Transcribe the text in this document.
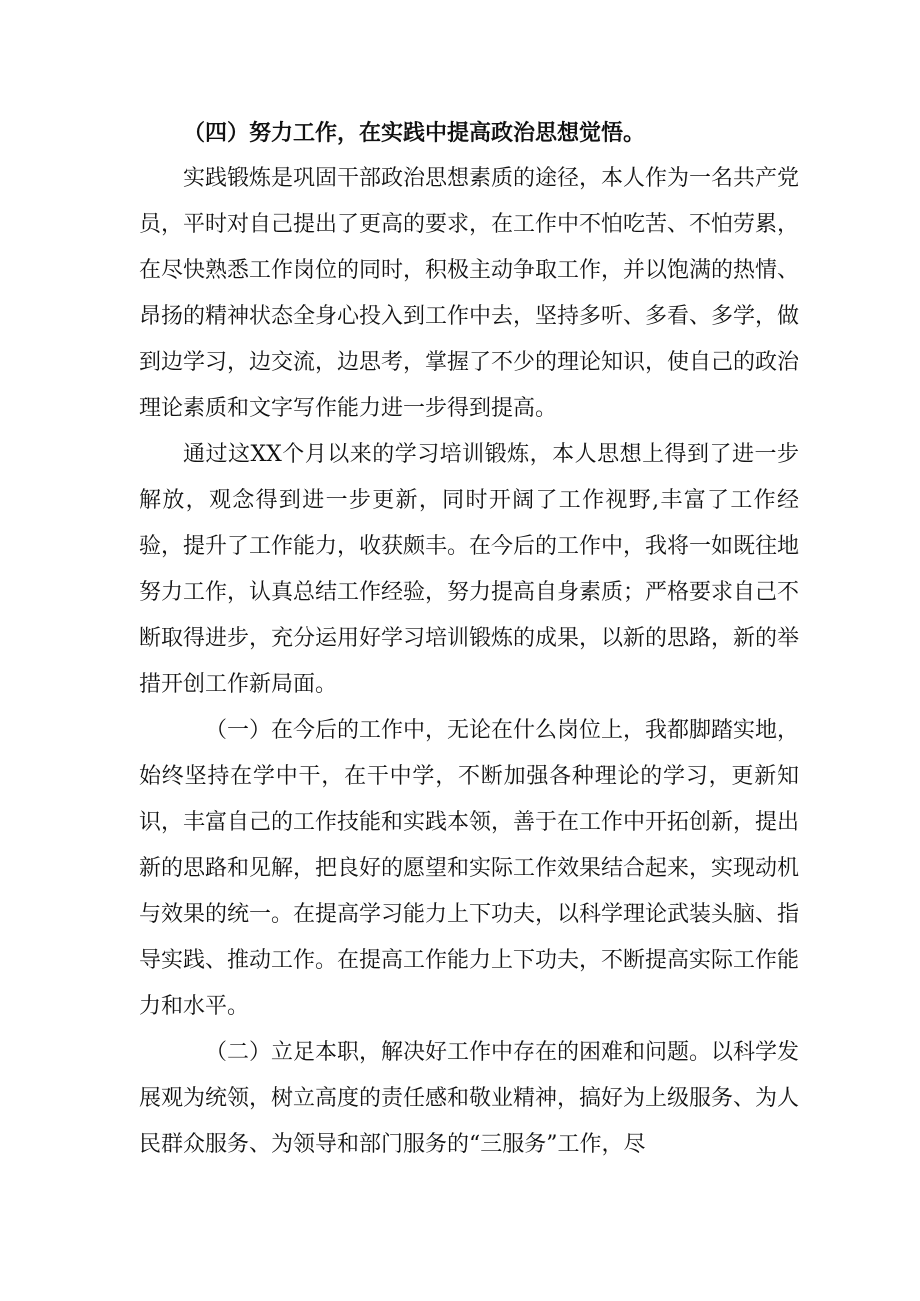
（四）努力工作，在实践中提高政治思想觉悟。

实践锻炼是巩固干部政治思想素质的途径，本人作为一名共产党员，平时对自己提出了更高的要求，在工作中不怕吃苦、不怕劳累，在尽快熟悉工作岗位的同时，积极主动争取工作，并以饱满的热情、昂扬的精神状态全身心投入到工作中去，坚持多听、多看、多学，做到边学习，边交流，边思考，掌握了不少的理论知识，使自己的政治理论素质和文字写作能力进一步得到提高。

通过这XX个月以来的学习培训锻炼，本人思想上得到了进一步解放，观念得到进一步更新，同时开阔了工作视野,丰富了工作经验，提升了工作能力，收获颇丰。在今后的工作中，我将一如既往地努力工作，认真总结工作经验，努力提高自身素质；严格要求自己不断取得进步，充分运用好学习培训锻炼的成果，以新的思路，新的举措开创工作新局面。

（一）在今后的工作中，无论在什么岗位上，我都脚踏实地，始终坚持在学中干，在干中学，不断加强各种理论的学习，更新知识，丰富自己的工作技能和实践本领，善于在工作中开拓创新，提出新的思路和见解，把良好的愿望和实际工作效果结合起来，实现动机与效果的统一。在提高学习能力上下功夫，以科学理论武装头脑、指导实践、推动工作。在提高工作能力上下功夫，不断提高实际工作能力和水平。

（二）立足本职，解决好工作中存在的困难和问题。以科学发展观为统领，树立高度的责任感和敬业精神，搞好为上级服务、为人民群众服务、为领导和部门服务的“三服务”工作，尽
